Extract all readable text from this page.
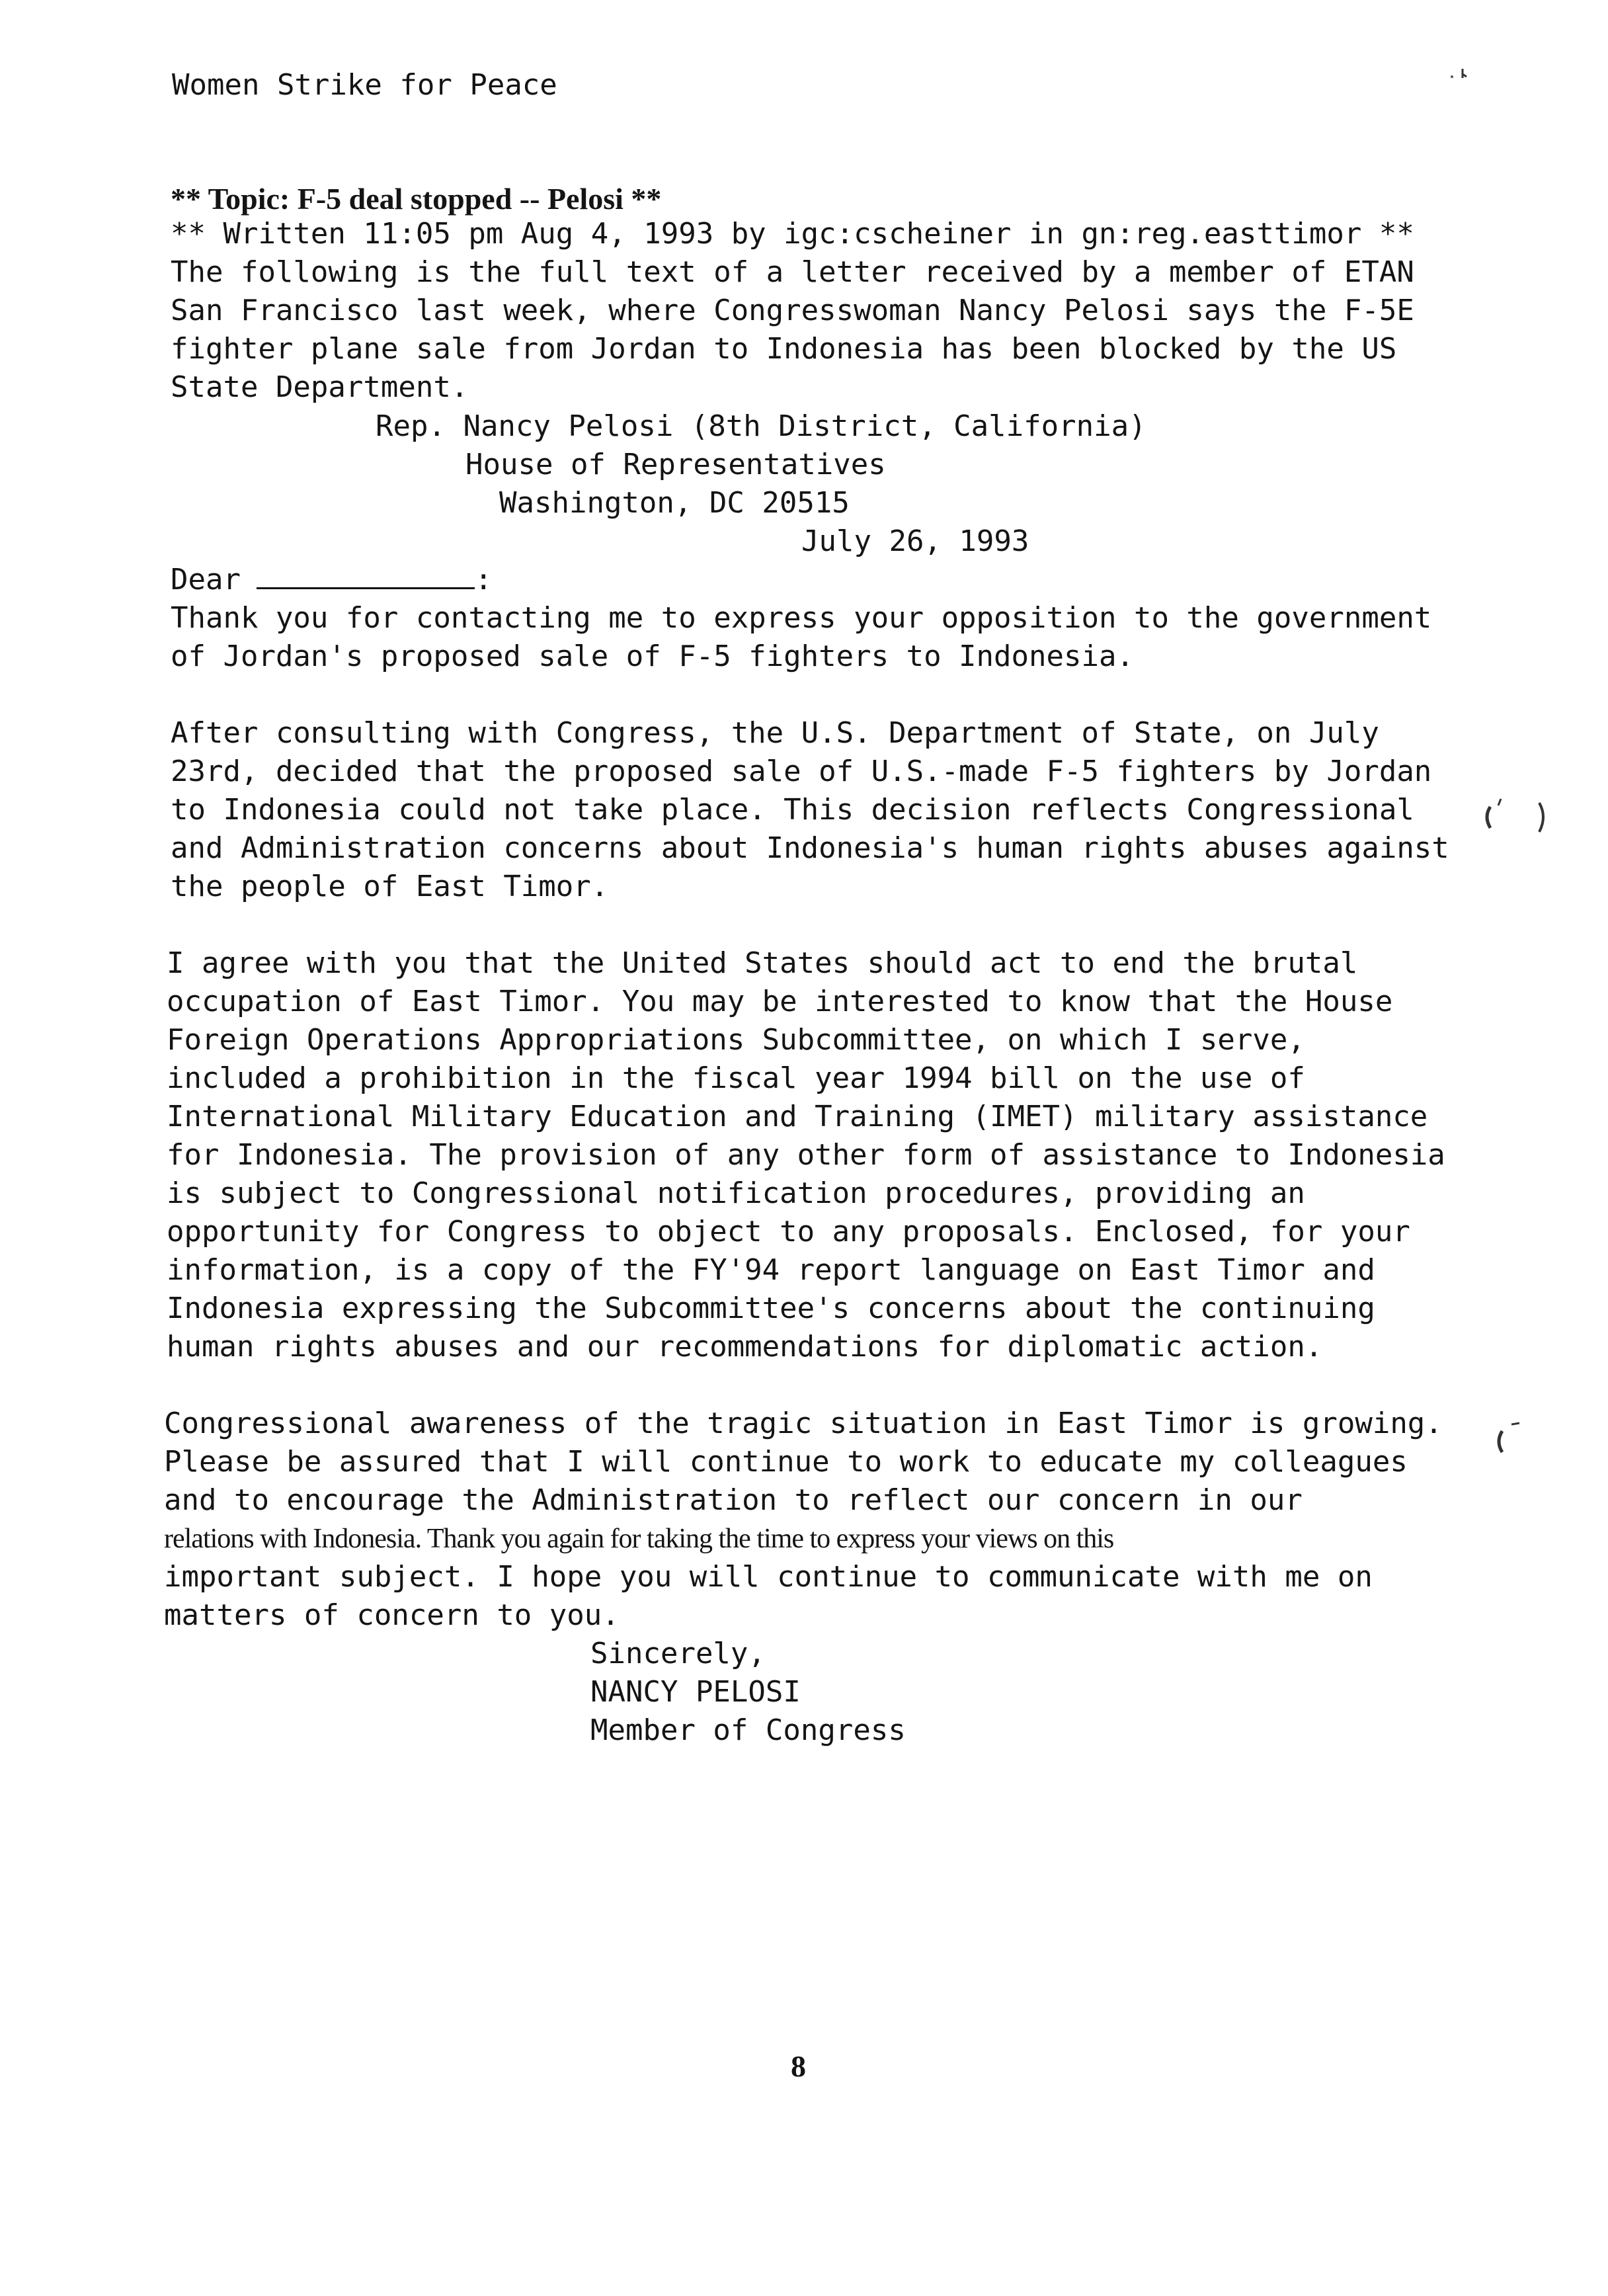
Women Strike for Peace
** Topic: F-5 deal stopped -- Pelosi **
** Written 11:05 pm Aug 4, 1993 by igc:cscheiner in gn:reg.easttimor **
The following is the full text of a letter received by a member of ETAN
San Francisco last week, where Congresswoman Nancy Pelosi says the F-5E
fighter plane sale from Jordan to Indonesia has been blocked by the US
State Department.
Rep. Nancy Pelosi (8th District, California)
House of Representatives
Washington, DC 20515
July 26, 1993
Dear	:
Thank you for contacting me to express your opposition to the government
of Jordan's proposed sale of F-5 fighters to Indonesia.
After consulting with Congress, the U.S. Department of State, on July
23rd, decided that the proposed sale of U.S.-made F-5 fighters by Jordan
to Indonesia could not take place. This decision reflects Congressional
and Administration concerns about Indonesia's human rights abuses against
the people of East Timor.
I agree with you that the United States should act to end the brutal
occupation of East Timor. You may be interested to know that the House
Foreign Operations Appropriations Subcommittee, on which I serve,
included a prohibition in the fiscal year 1994 bill on the use of
International Military Education and Training (IMET) military assistance
for Indonesia. The provision of any other form of assistance to Indonesia
is subject to Congressional notification procedures, providing an
opportunity for Congress to object to any proposals. Enclosed, for your
information, is a copy of the FY'94 report language on East Timor and
Indonesia expressing the Subcommittee's concerns about the continuing
human rights abuses and our recommendations for diplomatic action.
Congressional awareness of the tragic situation in East Timor is growing.
Please be assured that I will continue to work to educate my colleagues
and to encourage the Administration to reflect our concern in our
relations with Indonesia. Thank you again for taking the time to express your views on this
important subject. I hope you will continue to communicate with me on
matters of concern to you.
Sincerely,
NANCY PELOSI
Member of Congress
8
